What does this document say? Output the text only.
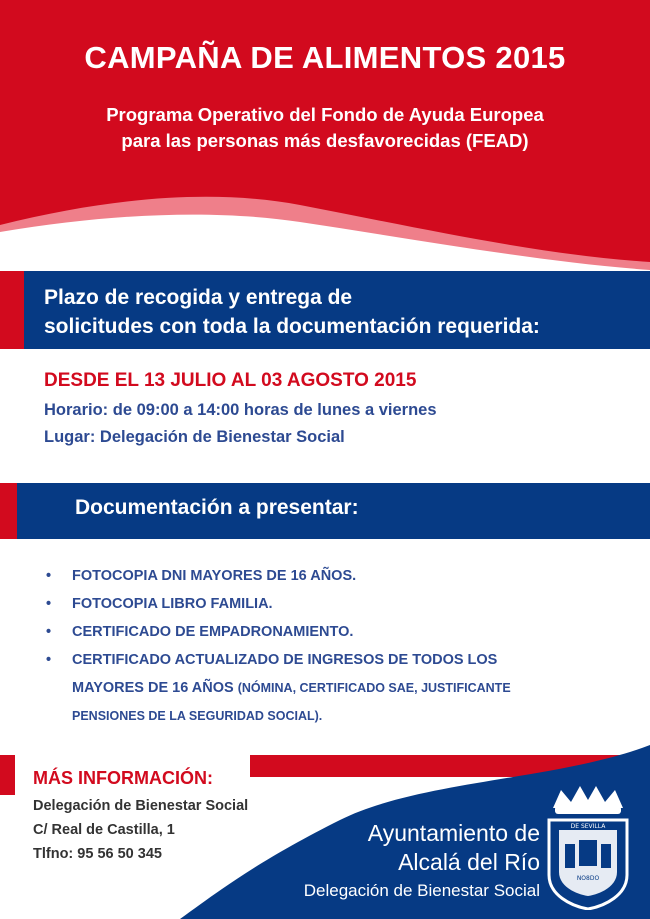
CAMPAÑA DE ALIMENTOS 2015
Programa Operativo del Fondo de Ayuda Europea
para las personas más desfavorecidas (FEAD)
Plazo de recogida y entrega de
solicitudes con toda la documentación requerida:
DESDE EL 13 JULIO AL 03 AGOSTO 2015
Horario: de 09:00 a 14:00 horas de lunes a viernes
Lugar: Delegación de Bienestar Social
Documentación a presentar:
• FOTOCOPIA DNI MAYORES DE 16 AÑOS.
• FOTOCOPIA LIBRO FAMILIA.
• CERTIFICADO DE EMPADRONAMIENTO.
• CERTIFICADO ACTUALIZADO DE INGRESOS DE TODOS LOS MAYORES DE 16 AÑOS (NÓMINA, CERTIFICADO SAE, JUSTIFICANTE PENSIONES DE LA SEGURIDAD SOCIAL).
MÁS INFORMACIÓN:
Delegación de Bienestar Social
C/ Real de Castilla, 1
Tlfno: 95 56 50 345
Ayuntamiento de
Alcalá del Río
Delegación de Bienestar Social
DE SEVILLA
NO8DO
